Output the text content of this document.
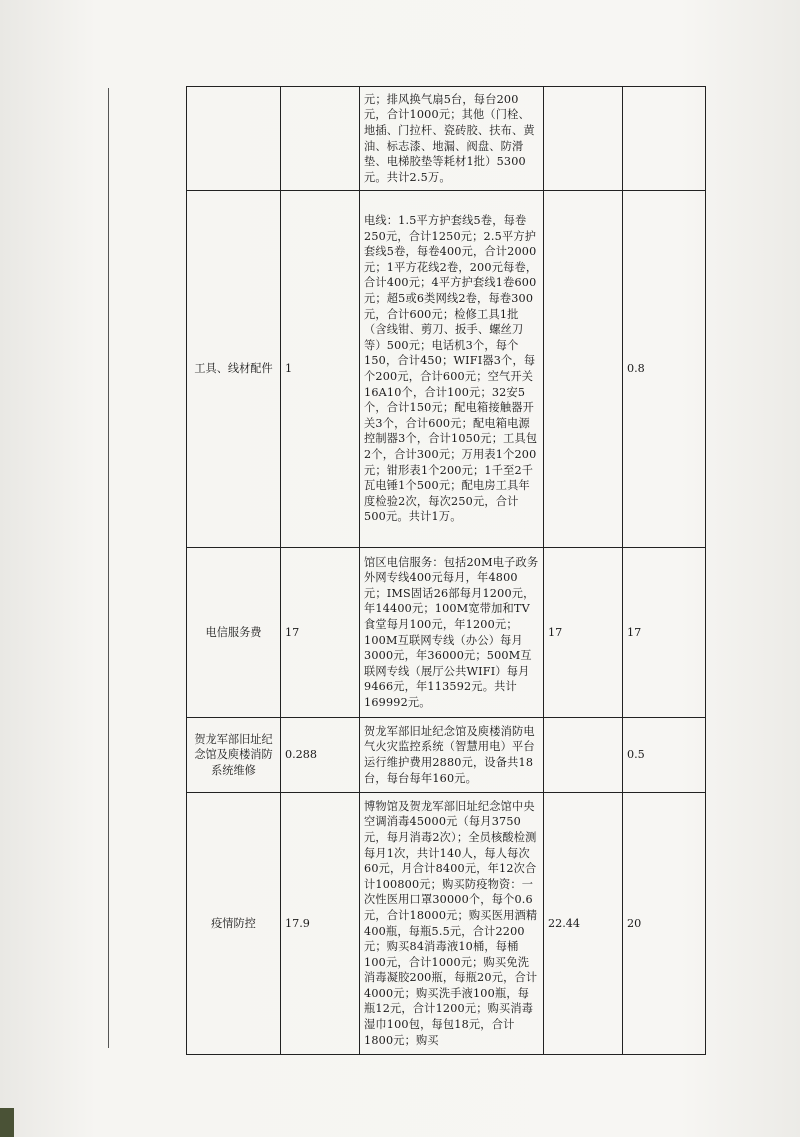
		元；排风换气扇5台，每台200元，合计1000元；其他（门栓、地插、门拉杆、瓷砖胶、扶布、黄油、标志漆、地漏、阀盘、防滑垫、电梯胶垫等耗材1批）5300元。共计2.5万。		

工具、线材配件	1	电线：1.5平方护套线5卷，每卷250元，合计1250元；2.5平方护套线5卷，每卷400元，合计2000元；1平方花线2卷，200元每卷，合计400元；4平方护套线1卷600元；超5或6类网线2卷，每卷300元，合计600元；检修工具1批（含线钳、剪刀、扳手、螺丝刀等）500元；电话机3个，每个150，合计450；WIFI器3个，每个200元，合计600元；空气开关16A10个，合计100元；32安5个，合计150元；配电箱接触器开关3个，合计600元；配电箱电源控制器3个，合计1050元；工具包2个，合计300元；万用表1个200元；钳形表1个200元；1千至2千瓦电锤1个500元；配电房工具年度检验2次，每次250元，合计500元。共计1万。		0.8
电信服务费	17	馆区电信服务：包括20M电子政务外网专线400元每月，年4800元；IMS固话26部每月1200元，年14400元；100M宽带加和TV食堂每月100元，年1200元；100M互联网专线（办公）每月3000元，年36000元；500M互联网专线（展厅公共WIFI）每月9466元，年113592元。共计169992元。	17	17
贺龙军部旧址纪念馆及庾楼消防系统维修	0.288	贺龙军部旧址纪念馆及庾楼消防电气火灾监控系统（智慧用电）平台运行维护费用2880元，设备共18台，每台每年160元。		0.5
疫情防控	17.9	博物馆及贺龙军部旧址纪念馆中央空调消毒45000元（每月3750元，每月消毒2次）；全员核酸检测每月1次，共计140人，每人每次60元，月合计8400元，年12次合计100800元；购买防疫物资：一次性医用口罩30000个，每个0.6元，合计18000元；购买医用酒精400瓶，每瓶5.5元，合计2200元；购买84消毒液10桶，每桶100元，合计1000元；购买免洗消毒凝胶200瓶，每瓶20元，合计4000元；购买洗手液100瓶，每瓶12元，合计1200元；购买消毒湿巾100包，每包18元，合计1800元；购买	22.44	20
